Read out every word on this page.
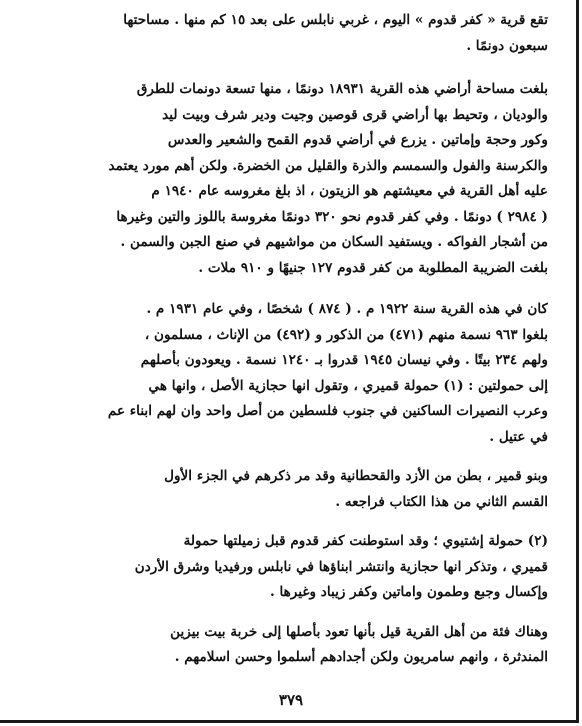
تقع قرية « كفر قدوم » اليوم ، غربي نابلس على بعد ١٥ كم منها . مساحتها
سبعون دونمًا .

بلغت مساحة أراضي هذه القرية ١٨٩٣١ دونمًا ، منها تسعة دونمات للطرق
والوديان ، وتحيط بها أراضي قرى قوصين وجيت ودير شرف وبيت ليد
وكور وحجة وإماتين . يزرع في أراضي قدوم القمح والشعير والعدس
والكرسنة والفول والسمسم والذرة والقليل من الخضرة. ولكن أهم مورد يعتمد
عليه أهل القرية في معيشتهم هو الزيتون ، اذ بلغ مغروسه عام ١٩٤٠ م
( ٢٩٨٤ ) دونمًا . وفي كفر قدوم نحو ٣٢٠ دونمًا مغروسة باللوز والتين وغيرها
من أشجار الفواكه . ويستفيد السكان من مواشيهم في صنع الجبن والسمن .
بلغت الضريبة المطلوبة من كفر قدوم ١٢٧ جنيهًا و ٩١٠ ملات .

كان في هذه القرية سنة ١٩٢٢ م . ( ٨٧٤ ) شخصًا ، وفي عام ١٩٣١ م .
بلغوا ٩٦٣ نسمة منهم (٤٧١) من الذكور و (٤٩٢) من الإناث ، مسلمون ،
ولهم ٢٣٤ بيتًا . وفي نيسان ١٩٤٥ قدروا بـ ١٢٤٠ نسمة . ويعودون بأصلهم
إلى حمولتين : (١) حمولة قميري ، وتقول انها حجازية الأصل ، وانها هي
وعرب النصيرات الساكنين في جنوب فلسطين من أصل واحد وان لهم ابناء عم
في عتيل .

وبنو قمير ، بطن من الأزد والقحطانية وقد مر ذكرهم في الجزء الأول
القسم الثاني من هذا الكتاب فراجعه .

(٢) حمولة إشتيوي ؛ وقد استوطنت كفر قدوم قبل زميلتها حمولة
قميري ، وتذكر انها حجازية وانتشر ابناؤها في نابلس ورفيديا وشرق الأردن
وإكسال وجبع وطمون واماتين وكفر زيباد وغيرها .

وهناك فئة من أهل القرية قيل بأنها تعود بأصلها إلى خربة بيت بيزين
المندثرة ، وانهم سامريون ولكن أجدادهم أسلموا وحسن اسلامهم .

٣٧٩
